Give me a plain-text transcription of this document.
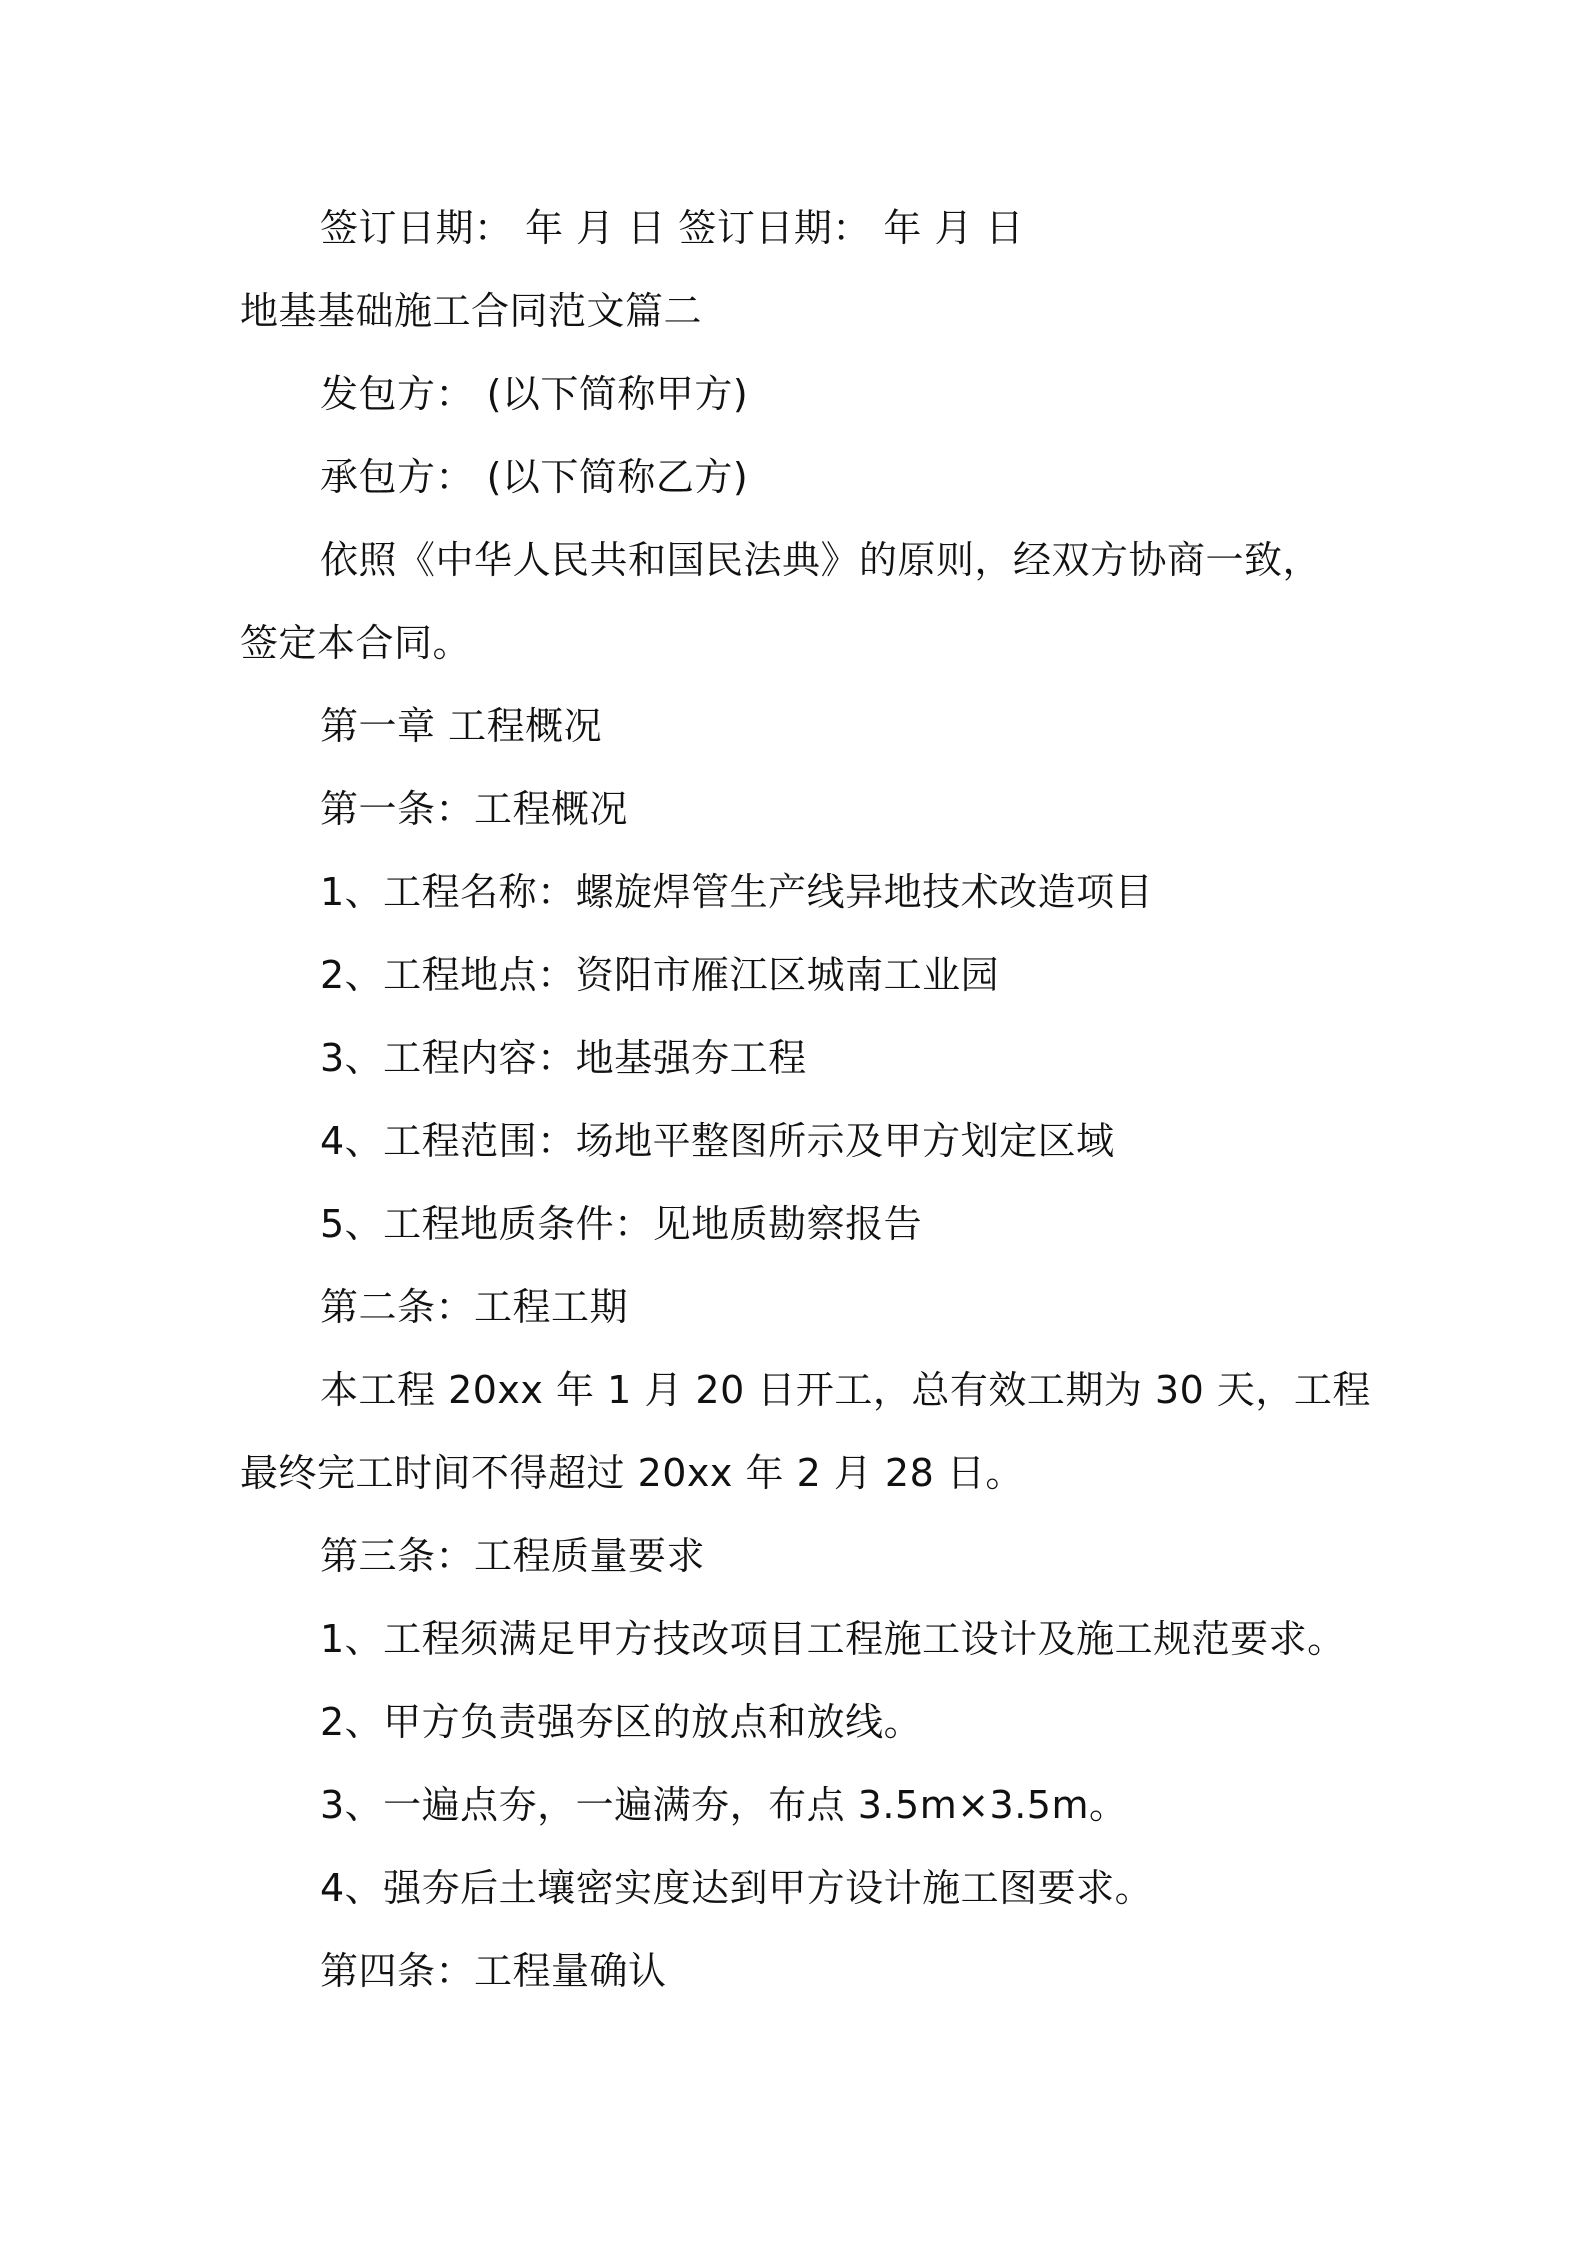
签订日期： 年 月 日 签订日期： 年 月 日
地基基础施工合同范文篇二
发包方： (以下简称甲方)
承包方： (以下简称乙方)
依照《中华人民共和国民法典》的原则，经双方协商一致，
签定本合同。
第一章 工程概况
第一条：工程概况
1、工程名称：螺旋焊管生产线异地技术改造项目
2、工程地点：资阳市雁江区城南工业园
3、工程内容：地基强夯工程
4、工程范围：场地平整图所示及甲方划定区域
5、工程地质条件：见地质勘察报告
第二条：工程工期
本工程 20xx 年 1 月 20 日开工，总有效工期为 30 天，工程
最终完工时间不得超过 20xx 年 2 月 28 日。
第三条：工程质量要求
1、工程须满足甲方技改项目工程施工设计及施工规范要求。
2、甲方负责强夯区的放点和放线。
3、一遍点夯，一遍满夯，布点 3.5m×3.5m。
4、强夯后土壤密实度达到甲方设计施工图要求。
第四条：工程量确认
